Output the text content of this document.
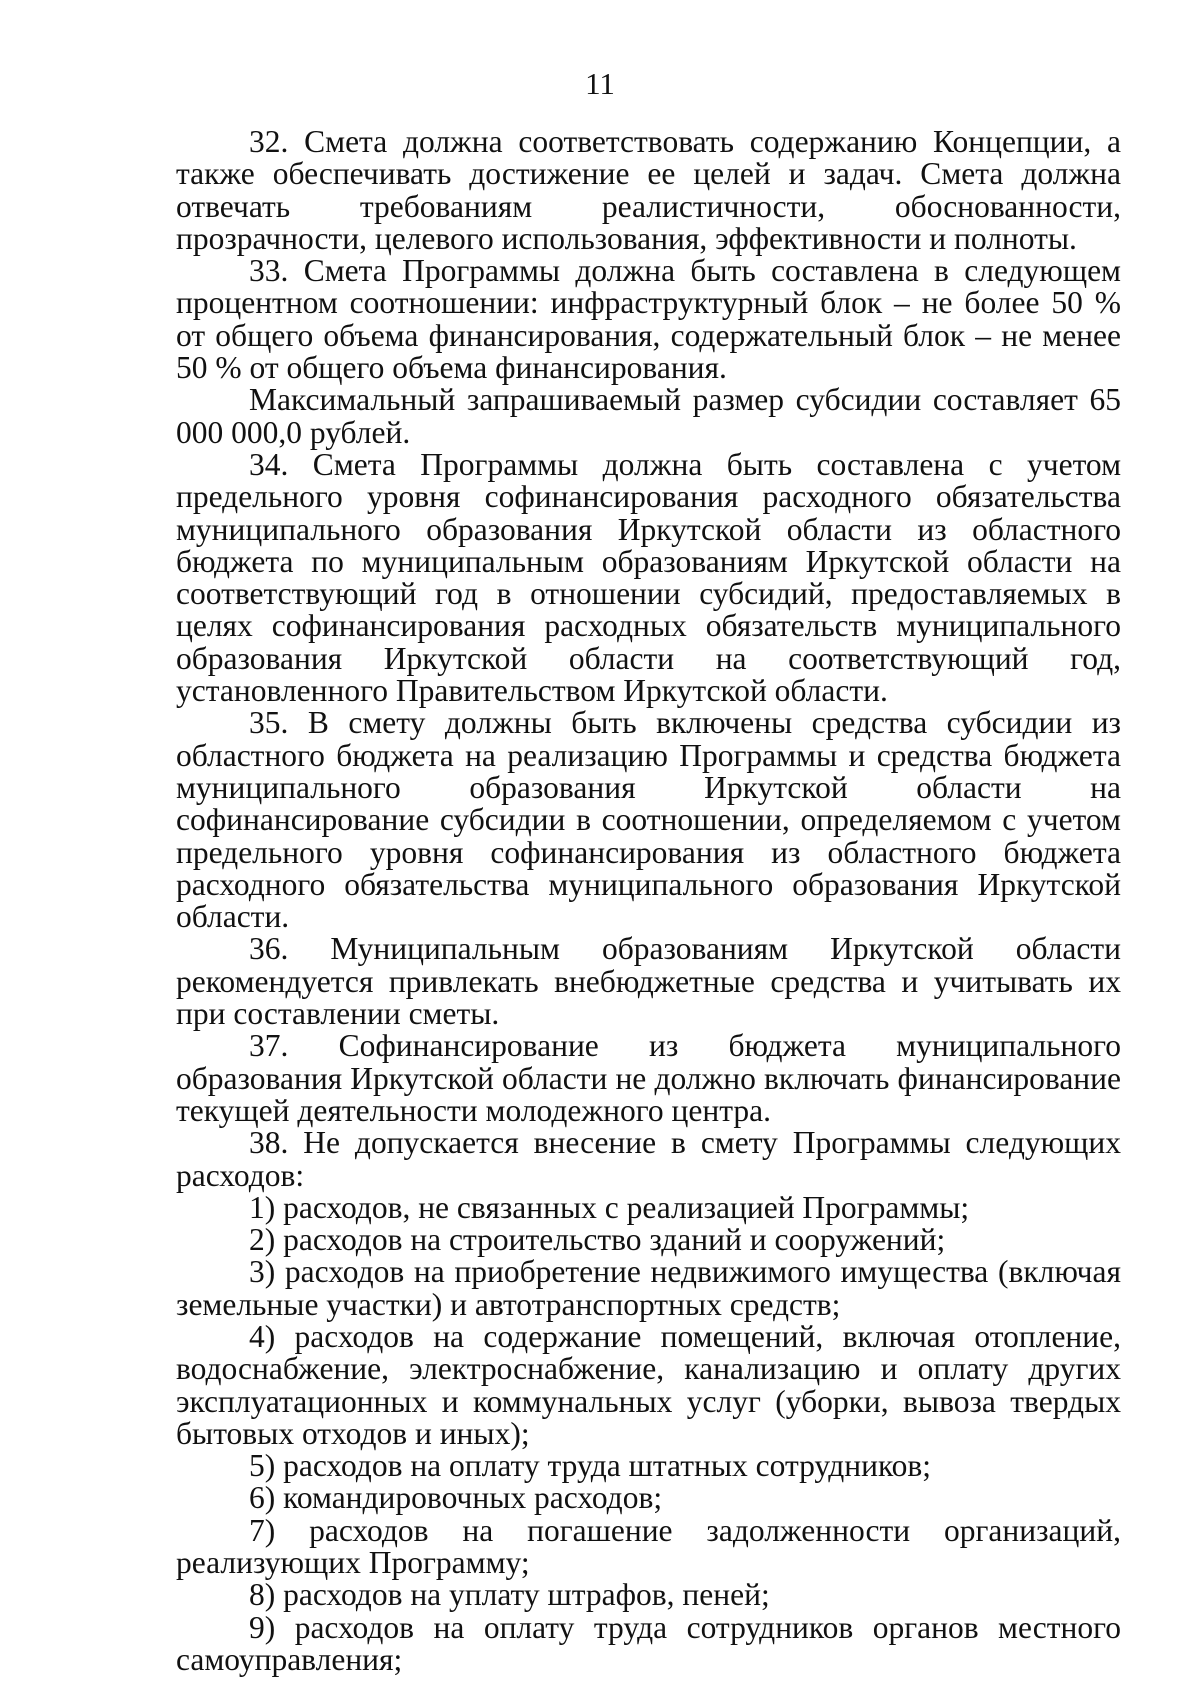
11

32. Смета должна соответствовать содержанию Концепции, а также обеспечивать достижение ее целей и задач. Смета должна отвечать требованиям реалистичности, обоснованности, прозрачности, целевого использования, эффективности и полноты.

33. Смета Программы должна быть составлена в следующем процентном соотношении: инфраструктурный блок – не более 50 % от общего объема финансирования, содержательный блок – не менее 50 % от общего объема финансирования.

Максимальный запрашиваемый размер субсидии составляет 65 000 000,0 рублей.

34. Смета Программы должна быть составлена с учетом предельного уровня софинансирования расходного обязательства муниципального образования Иркутской области из областного бюджета по муниципальным образованиям Иркутской области на соответствующий год в отношении субсидий, предоставляемых в целях софинансирования расходных обязательств муниципального образования Иркутской области на соответствующий год, установленного Правительством Иркутской области.

35. В смету должны быть включены средства субсидии из областного бюджета на реализацию Программы и средства бюджета муниципального образования Иркутской области на софинансирование субсидии в соотношении, определяемом с учетом предельного уровня софинансирования из областного бюджета расходного обязательства муниципального образования Иркутской области.

36. Муниципальным образованиям Иркутской области рекомендуется привлекать внебюджетные средства и учитывать их при составлении сметы.

37. Софинансирование из бюджета муниципального образования Иркутской области не должно включать финансирование текущей деятельности молодежного центра.

38. Не допускается внесение в смету Программы следующих расходов:

1) расходов, не связанных с реализацией Программы;

2) расходов на строительство зданий и сооружений;

3) расходов на приобретение недвижимого имущества (включая земельные участки) и автотранспортных средств;

4) расходов на содержание помещений, включая отопление, водоснабжение, электроснабжение, канализацию и оплату других эксплуатационных и коммунальных услуг (уборки, вывоза твердых бытовых отходов и иных);

5) расходов на оплату труда штатных сотрудников;

6) командировочных расходов;

7) расходов на погашение задолженности организаций, реализующих Программу;

8) расходов на уплату штрафов, пеней;

9) расходов на оплату труда сотрудников органов местного самоуправления;
